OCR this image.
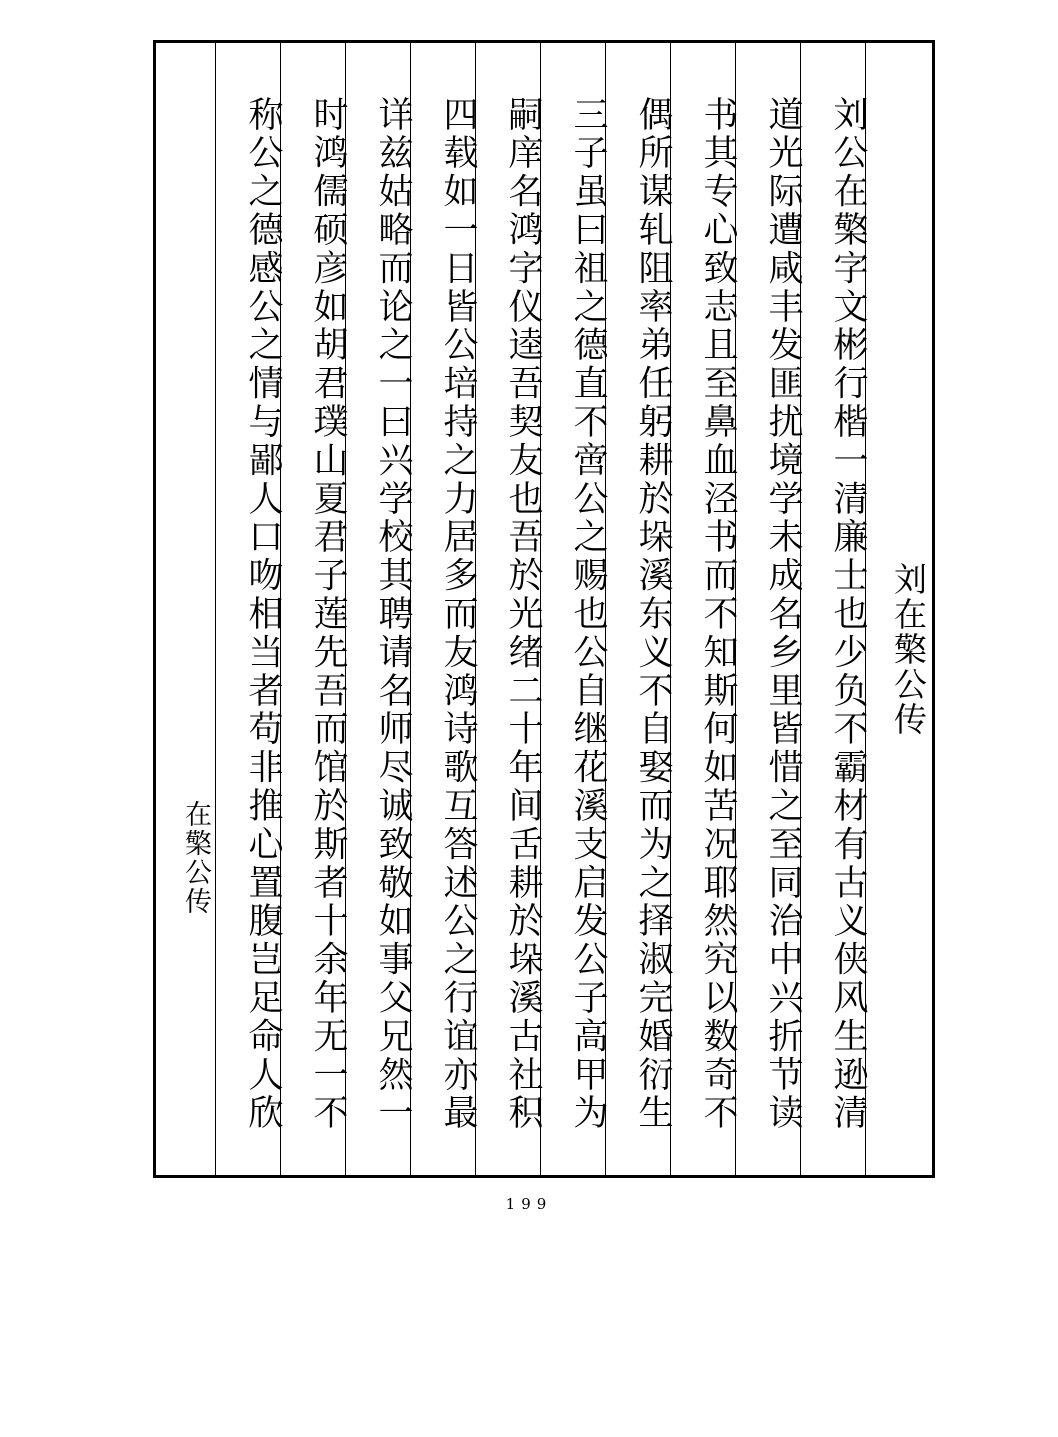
刘在檠公传
刘公在檠字文彬行楷一清廉士也少负不霸材有古义侠风生逊清
道光际遭咸丰发匪扰境学未成名乡里皆惜之至同治中兴折节读
书其专心致志且至鼻血泾书而不知斯何如苦况耶然究以数奇不
偶所谋轧阻率弟任躬耕於垛溪东义不自娶而为之择淑完婚衍生
三子虽曰祖之德直不啻公之赐也公自继花溪支启发公子高甲为
嗣庠名鸿字仪逵吾契友也吾於光绪二十年间舌耕於垛溪古社积
四载如一日皆公培持之力居多而友鸿诗歌互答述公之行谊亦最
详兹姑略而论之一曰兴学校其聘请名师尽诚致敬如事父兄然一
时鸿儒硕彦如胡君璞山夏君子莲先吾而馆於斯者十余年无一不
称公之德感公之情与鄙人口吻相当者苟非推心置腹岂足命人欣
在檠公传
199
